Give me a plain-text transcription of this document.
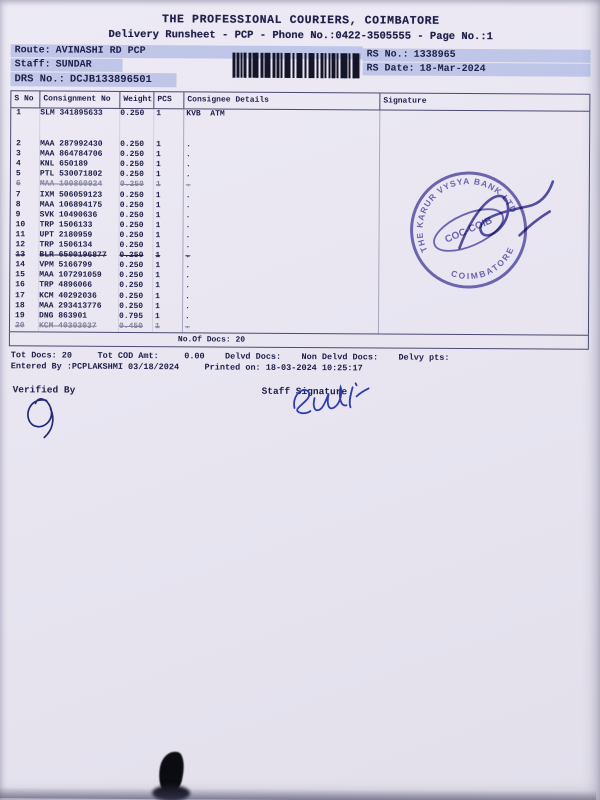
THE PROFESSIONAL COURIERS, COIMBATORE
Delivery Runsheet - PCP - Phone No.:0422-3505555 - Page No.:1
Route: AVINASHI RD PCP
Staff: SUNDAR
DRS No.: DCJB133896501
RS No.: 1338965
RS Date: 18-Mar-2024
S No	Consignment No	Weight PCS	Consignee Details	Signature
1	SLM 341895633	0.250	1	KVB  ATM
2	MAA 287992430	0.250	1	.
3	MAA 864784706	0.250	1	.
4	KNL 650189	0.250	1	.
5	PTL 530071802	0.250	1	.
6	MAA 100860924	0.250	1	.
7	IXM 506059123	0.250	1	.
8	MAA 106894175	0.250	1	.
9	SVK 10490636	0.250	1	.
10	TRP 1506133	0.250	1	.
11	UPT 2180959	0.250	1	.
12	TRP 1506134	0.250	1	.
13	BLR 6500196877	0.250	1	.
14	VPM 5166799	0.250	1	.
15	MAA 107291059	0.250	1	.
16	TRP 4896066	0.250	1	.
17	KCM 40292036	0.250	1	.
18	MAA 293413776	0.250	1	.
19	DNG 863901	0.795	1	.
20	KCM 40303037	0.450	1	.
No.Of Docs: 20
Tot Docs: 20     Tot COD Amt:     0.00    Delvd Docs:    Non Delvd Docs:    Delvy pts:
Entered By :PCPLAKSHMI 03/18/2024     Printed on: 18-03-2024 10:25:17
Verified By	Staff Signature
THE KARUR VYSYA BANK LTD
COIMBATORE
COC-COIB
